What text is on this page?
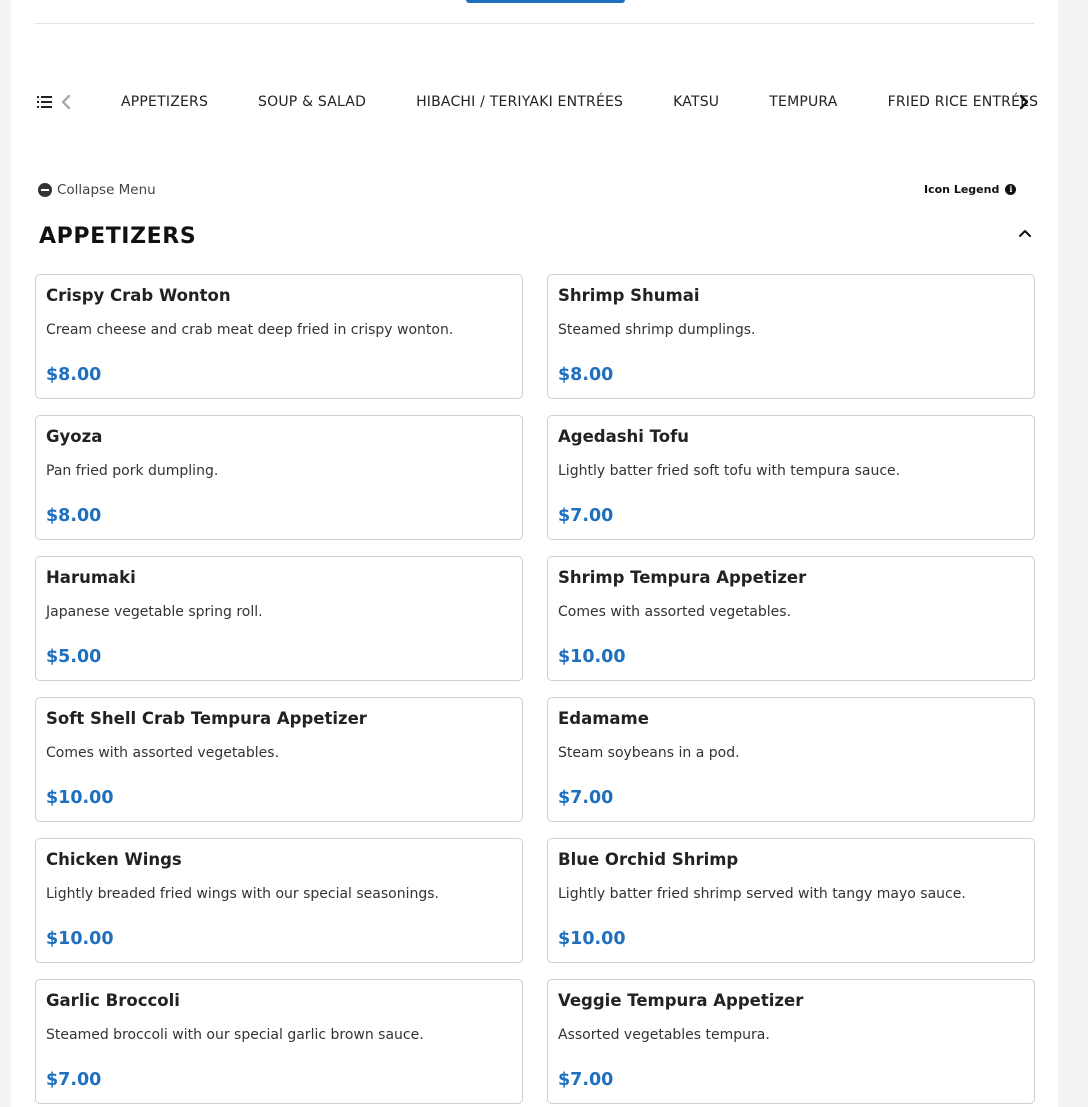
APPETIZERS	SOUP & SALAD	HIBACHI / TERIYAKI ENTRÉES	KATSU	TEMPURA	FRIED RICE ENTRÉES
Collapse Menu	Icon Legend	i
APPETIZERS
Crispy Crab Wonton
Cream cheese and crab meat deep fried in crispy wonton.
$8.00
Shrimp Shumai
Steamed shrimp dumplings.
$8.00
Gyoza
Pan fried pork dumpling.
$8.00
Agedashi Tofu
Lightly batter fried soft tofu with tempura sauce.
$7.00
Harumaki
Japanese vegetable spring roll.
$5.00
Shrimp Tempura Appetizer
Comes with assorted vegetables.
$10.00
Soft Shell Crab Tempura Appetizer
Comes with assorted vegetables.
$10.00
Edamame
Steam soybeans in a pod.
$7.00
Chicken Wings
Lightly breaded fried wings with our special seasonings.
$10.00
Blue Orchid Shrimp
Lightly batter fried shrimp served with tangy mayo sauce.
$10.00
Garlic Broccoli
Steamed broccoli with our special garlic brown sauce.
$7.00
Veggie Tempura Appetizer
Assorted vegetables tempura.
$7.00
